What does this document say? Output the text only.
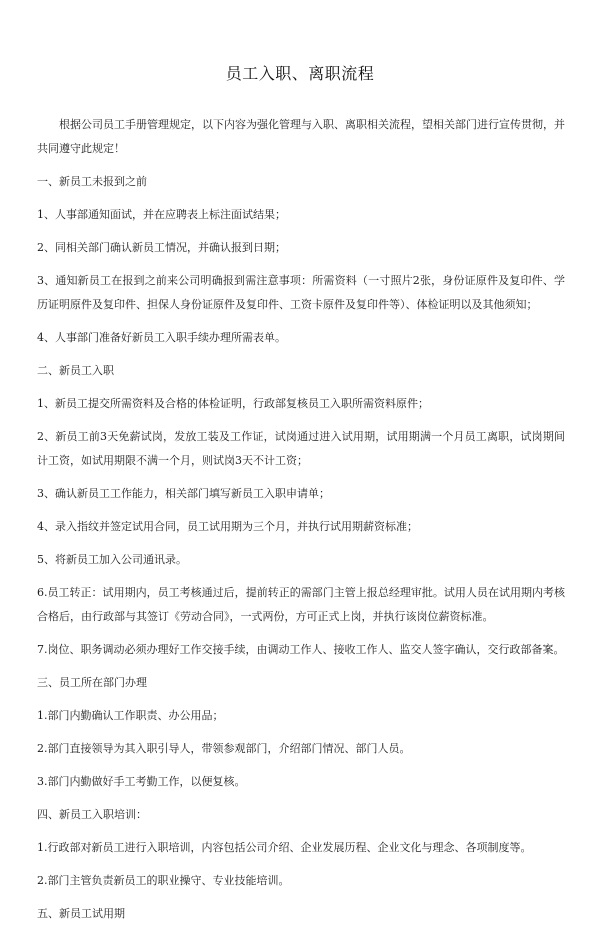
员工入职、离职流程

根据公司员工手册管理规定，以下内容为强化管理与入职、离职相关流程，望相关部门进行宣传贯彻，并共同遵守此规定！

一、新员工未报到之前

1、人事部通知面试，并在应聘表上标注面试结果；

2、同相关部门确认新员工情况，并确认报到日期；

3、通知新员工在报到之前来公司明确报到需注意事项：所需资料（一寸照片2张，身份证原件及复印件、学历证明原件及复印件、担保人身份证原件及复印件、工资卡原件及复印件等）、体检证明以及其他须知；

4、人事部门准备好新员工入职手续办理所需表单。

二、新员工入职

1、新员工提交所需资料及合格的体检证明，行政部复核员工入职所需资料原件；

2、新员工前3天免薪试岗，发放工装及工作证，试岗通过进入试用期，试用期满一个月员工离职，试岗期间计工资，如试用期限不满一个月，则试岗3天不计工资；

3、确认新员工工作能力，相关部门填写新员工入职申请单；

4、录入指纹并签定试用合同，员工试用期为三个月，并执行试用期薪资标准；

5、将新员工加入公司通讯录。

6.员工转正：试用期内，员工考核通过后，提前转正的需部门主管上报总经理审批。试用人员在试用期内考核合格后，由行政部与其签订《劳动合同》，一式两份，方可正式上岗，并执行该岗位薪资标准。

7.岗位、职务调动必须办理好工作交接手续，由调动工作人、接收工作人、监交人签字确认，交行政部备案。

三、员工所在部门办理

1.部门内勤确认工作职责、办公用品；

2.部门直接领导为其入职引导人，带领参观部门，介绍部门情况、部门人员。

3.部门内勤做好手工考勤工作，以便复核。

四、新员工入职培训：

1.行政部对新员工进行入职培训，内容包括公司介绍、企业发展历程、企业文化与理念、各项制度等。

2.部门主管负责新员工的职业操守、专业技能培训。

五、新员工试用期
